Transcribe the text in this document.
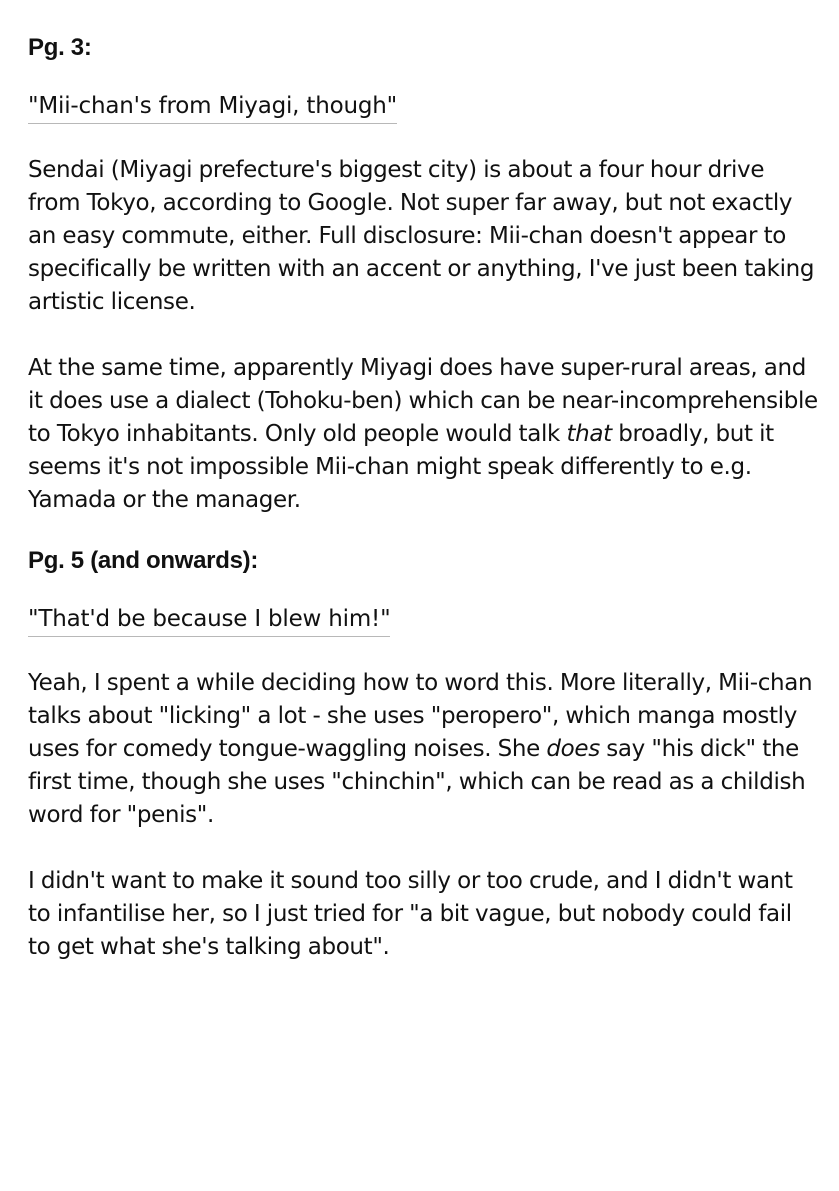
Pg. 3:

"Mii-chan's from Miyagi, though"

Sendai (Miyagi prefecture's biggest city) is about a four hour drive from Tokyo, according to Google. Not super far away, but not exactly an easy commute, either. Full disclosure: Mii-chan doesn't appear to specifically be written with an accent or anything, I've just been taking artistic license.

At the same time, apparently Miyagi does have super-rural areas, and it does use a dialect (Tohoku-ben) which can be near-incomprehensible to Tokyo inhabitants. Only old people would talk that broadly, but it seems it's not impossible Mii-chan might speak differently to e.g. Yamada or the manager.

Pg. 5 (and onwards):

"That'd be because I blew him!"

Yeah, I spent a while deciding how to word this. More literally, Mii-chan talks about "licking" a lot - she uses "peropero", which manga mostly uses for comedy tongue-waggling noises. She does say "his dick" the first time, though she uses "chinchin", which can be read as a childish word for "penis".

I didn't want to make it sound too silly or too crude, and I didn't want to infantilise her, so I just tried for "a bit vague, but nobody could fail to get what she's talking about".
